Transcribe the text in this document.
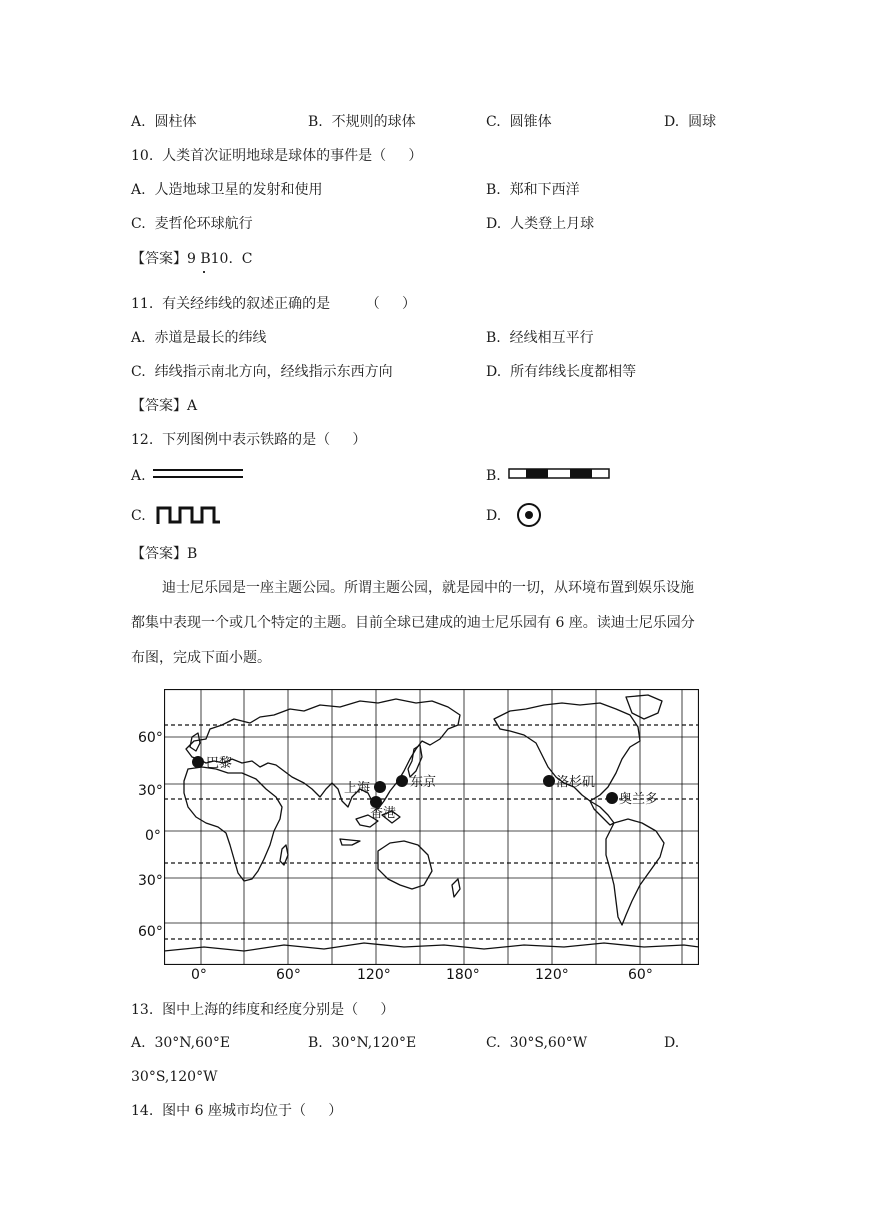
A.  圆柱体	B.  不规则的球体	C.  圆锥体	D.  圆球
10.  人类首次证明地球是球体的事件是（     ）
A.  人造地球卫星的发射和使用	B.  郑和下西洋
C.  麦哲伦环球航行	D.  人类登上月球
【答案】9 B10.  C
11.  有关经纬线的叙述正确的是        （     ）
A.  赤道是最长的纬线	B.  经线相互平行
C.  纬线指示南北方向，经线指示东西方向	D.  所有纬线长度都相等
【答案】A
12.  下列图例中表示铁路的是（     ）
A.	B.
C.	D.
【答案】B
迪士尼乐园是一座主题公园。所谓主题公园，就是园中的一切，从环境布置到娱乐设施
都集中表现一个或几个特定的主题。目前全球已建成的迪士尼乐园有 6 座。读迪士尼乐园分
布图，完成下面小题。
巴黎
上海	东京
香港
洛杉矶
奥兰多
60°
30°
0°
30°
60°
0°	60°	120°	180°	120°	60°
13.  图中上海的纬度和经度分别是（     ）
A.  30°N,60°E	B.  30°N,120°E	C.  30°S,60°W	D.
30°S,120°W
14.  图中 6 座城市均位于（     ）
